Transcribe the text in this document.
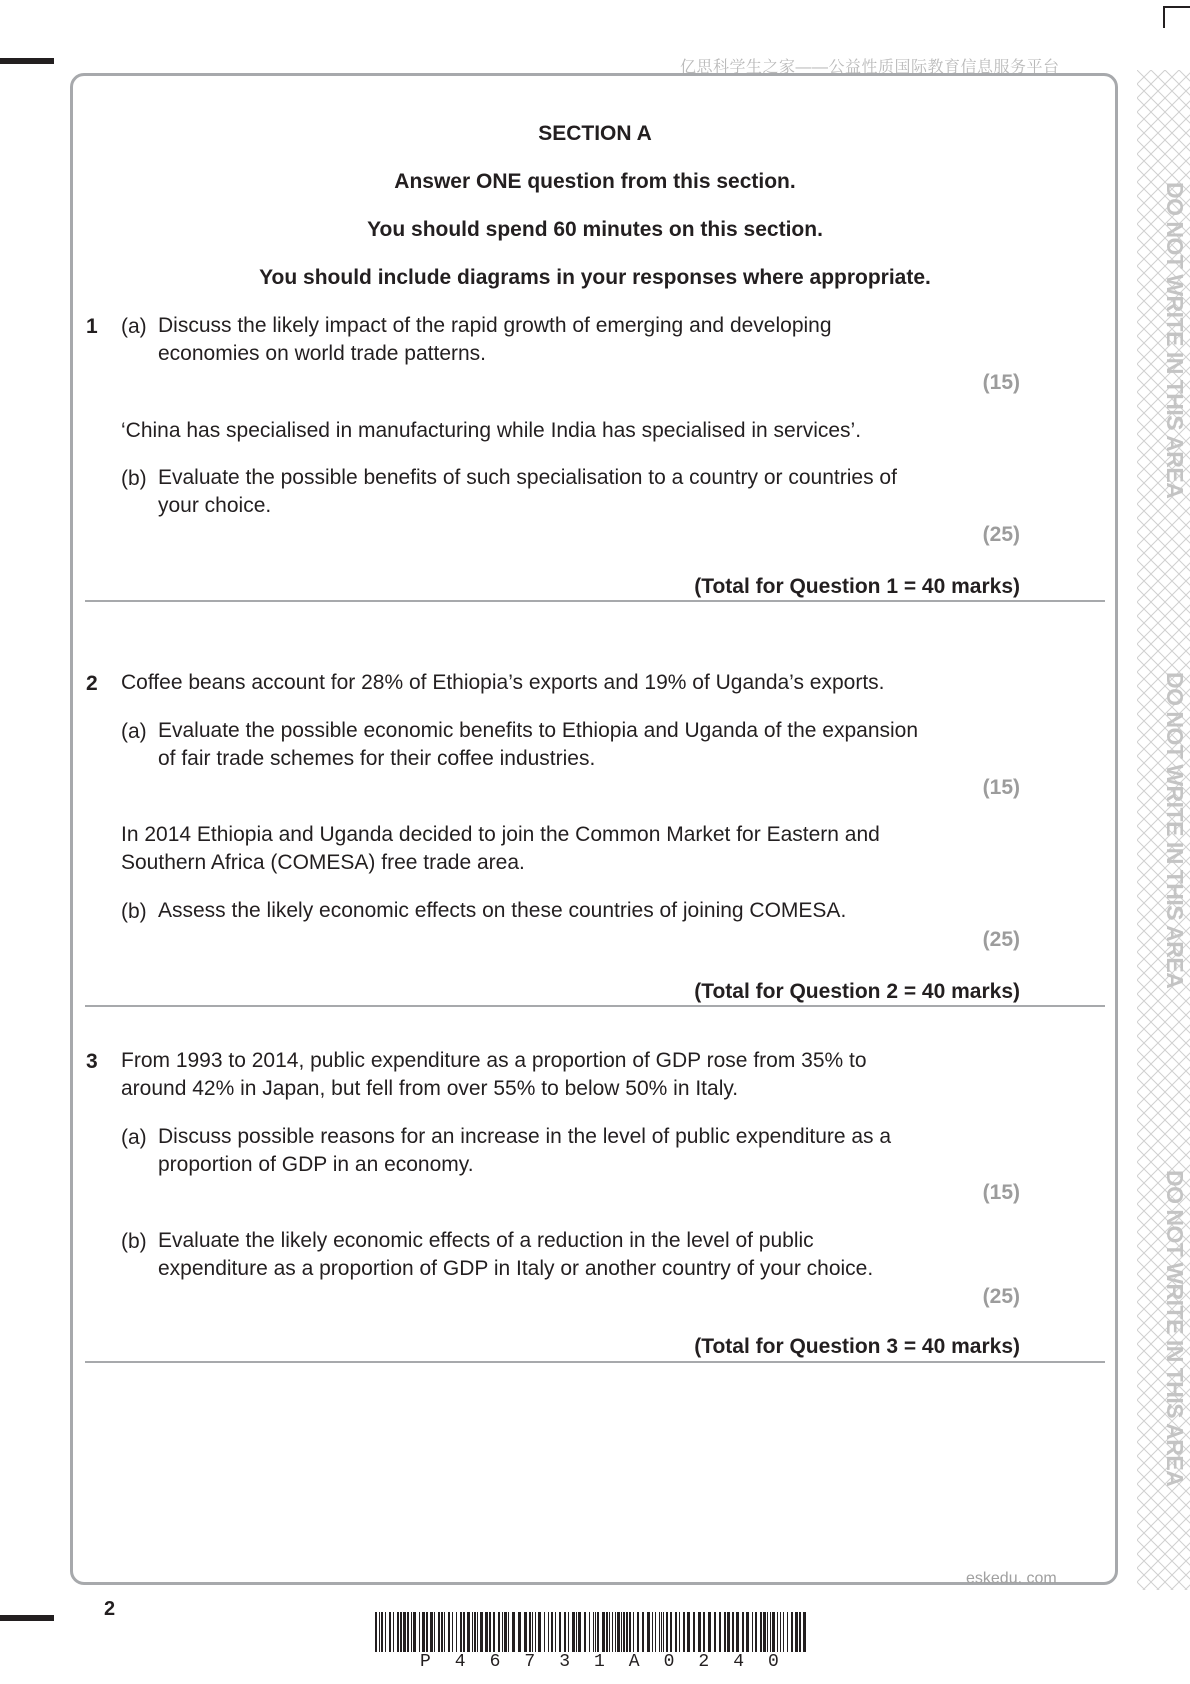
亿思科学生之家——公益性质国际教育信息服务平台
DO NOT WRITE IN THIS AREA
DO NOT WRITE IN THIS AREA
DO NOT WRITE IN THIS AREA
SECTION A
Answer ONE question from this section.
You should spend 60 minutes on this section.
You should include diagrams in your responses where appropriate.
1 (a) Discuss the likely impact of the rapid growth of emerging and developing
economies on world trade patterns.
(15)
‘China has specialised in manufacturing while India has specialised in services’.
(b) Evaluate the possible benefits of such specialisation to a country or countries of
your choice.
(25)
(Total for Question 1 = 40 marks)
2 Coffee beans account for 28% of Ethiopia’s exports and 19% of Uganda’s exports.
(a) Evaluate the possible economic benefits to Ethiopia and Uganda of the expansion
of fair trade schemes for their coffee industries.
(15)
In 2014 Ethiopia and Uganda decided to join the Common Market for Eastern and
Southern Africa (COMESA) free trade area.
(b) Assess the likely economic effects on these countries of joining COMESA.
(25)
(Total for Question 2 = 40 marks)
3 From 1993 to 2014, public expenditure as a proportion of GDP rose from 35% to
around 42% in Japan, but fell from over 55% to below 50% in Italy.
(a) Discuss possible reasons for an increase in the level of public expenditure as a
proportion of GDP in an economy.
(15)
(b) Evaluate the likely economic effects of a reduction in the level of public
expenditure as a proportion of GDP in Italy or another country of your choice.
(25)
(Total for Question 3 = 40 marks)
eskedu. com
2
P46731A0240
